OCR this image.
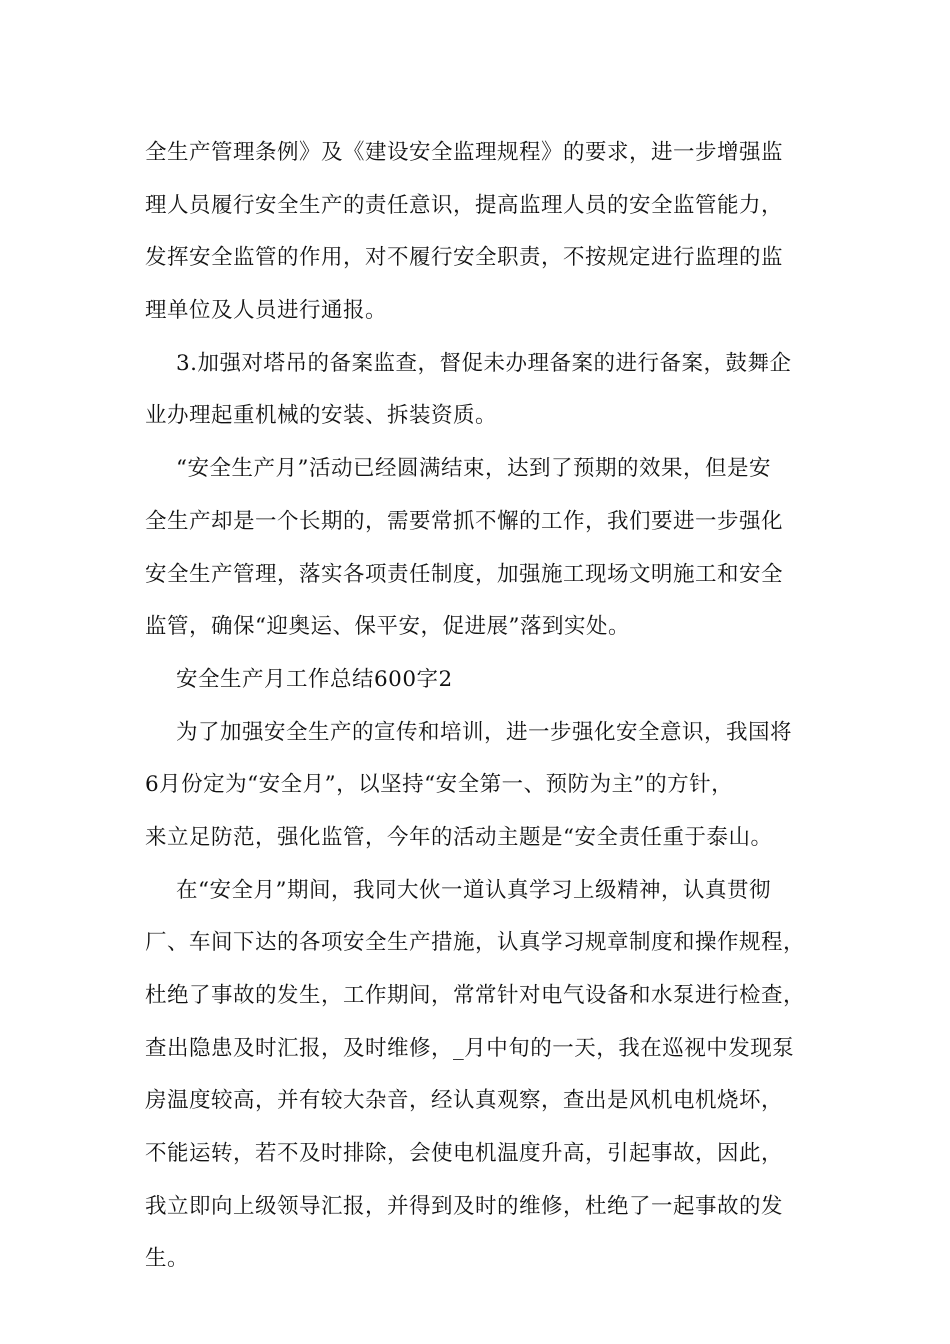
全生产管理条例》及《建设安全监理规程》的要求，进一步增强监
理人员履行安全生产的责任意识，提高监理人员的安全监管能力，
发挥安全监管的作用，对不履行安全职责，不按规定进行监理的监
理单位及人员进行通报。
3.加强对塔吊的备案监查，督促未办理备案的进行备案，鼓舞企
业办理起重机械的安装、拆装资质。
“安全生产月”活动已经圆满结束，达到了预期的效果，但是安
全生产却是一个长期的，需要常抓不懈的工作，我们要进一步强化
安全生产管理，落实各项责任制度，加强施工现场文明施工和安全
监管，确保“迎奥运、保平安，促进展”落到实处。
安全生产月工作总结600字2
为了加强安全生产的宣传和培训，进一步强化安全意识，我国将
6月份定为“安全月”，以坚持“安全第一、预防为主”的方针，
来立足防范，强化监管，今年的活动主题是“安全责任重于泰山。
在“安全月”期间，我同大伙一道认真学习上级精神，认真贯彻
厂、车间下达的各项安全生产措施，认真学习规章制度和操作规程，
杜绝了事故的发生，工作期间，常常针对电气设备和水泵进行检查，
查出隐患及时汇报，及时维修，_月中旬的一天，我在巡视中发现泵
房温度较高，并有较大杂音，经认真观察，查出是风机电机烧坏，
不能运转，若不及时排除，会使电机温度升高，引起事故，因此，
我立即向上级领导汇报，并得到及时的维修，杜绝了一起事故的发
生。
